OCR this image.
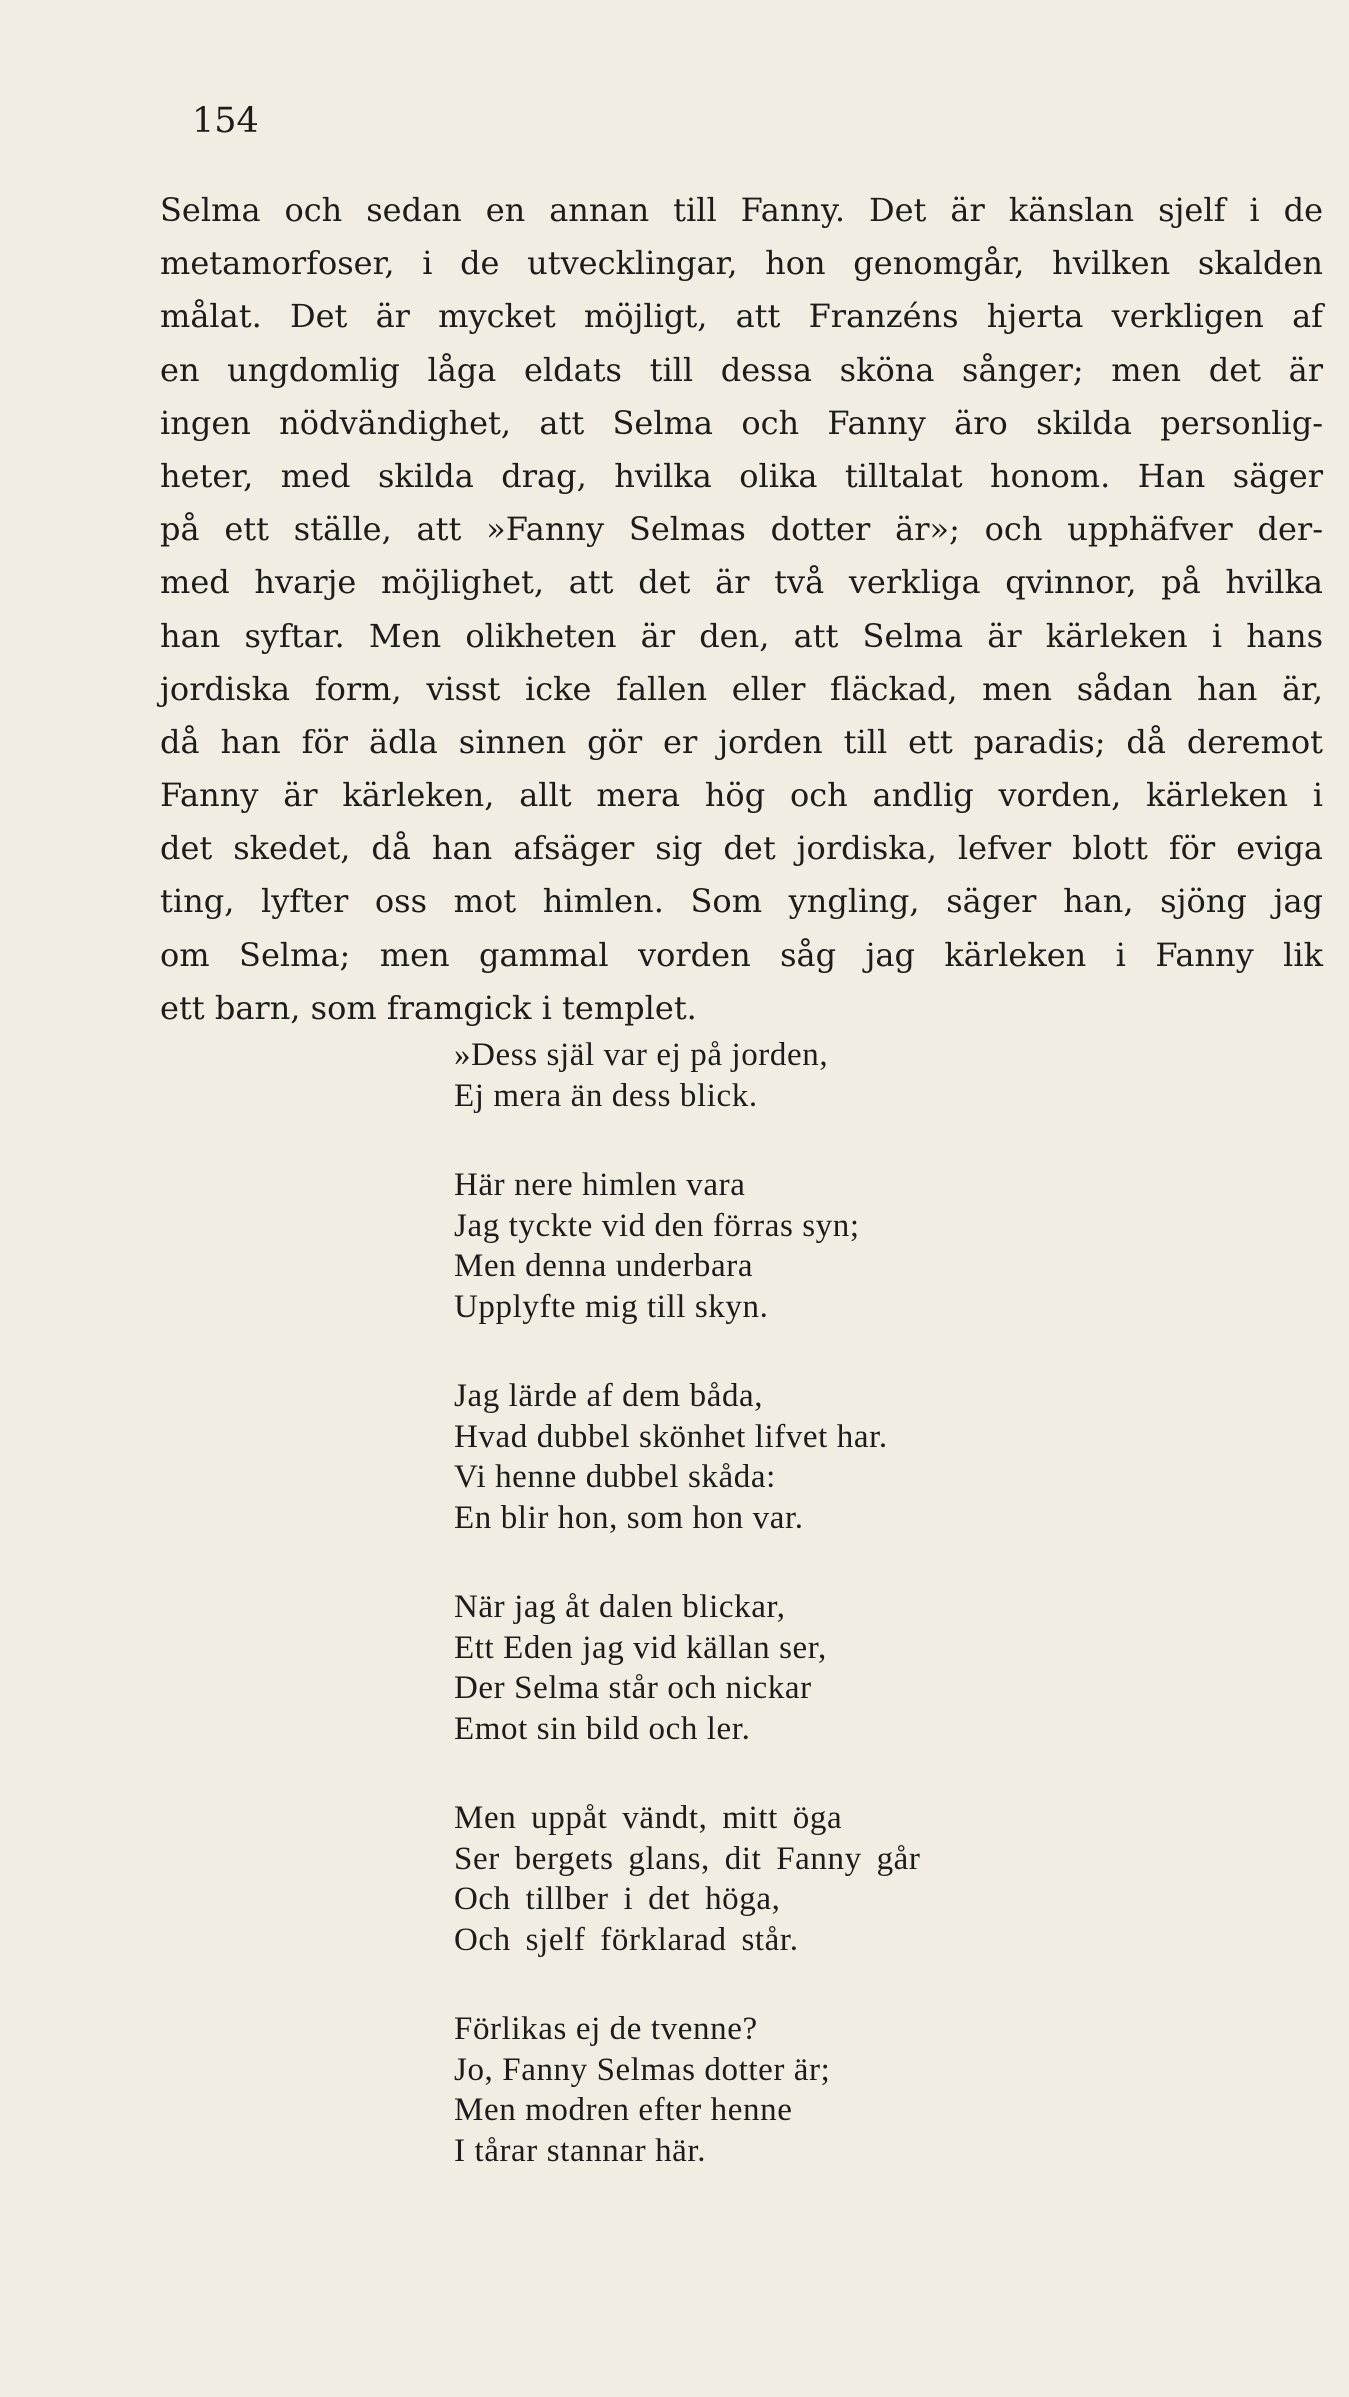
154
Selma och sedan en annan till Fanny. Det är känslan sjelf i de
metamorfoser, i de utvecklingar, hon genomgår, hvilken skalden
målat. Det är mycket möjligt, att Franzéns hjerta verkligen af
en ungdomlig låga eldats till dessa sköna sånger; men det är
ingen nödvändighet, att Selma och Fanny äro skilda personlig-
heter, med skilda drag, hvilka olika tilltalat honom. Han säger
på ett ställe, att »Fanny Selmas dotter är»; och upphäfver der-
med hvarje möjlighet, att det är två verkliga qvinnor, på hvilka
han syftar. Men olikheten är den, att Selma är kärleken i hans
jordiska form, visst icke fallen eller fläckad, men sådan han är,
då han för ädla sinnen gör er jorden till ett paradis; då deremot
Fanny är kärleken, allt mera hög och andlig vorden, kärleken i
det skedet, då han afsäger sig det jordiska, lefver blott för eviga
ting, lyfter oss mot himlen. Som yngling, säger han, sjöng jag
om Selma; men gammal vorden såg jag kärleken i Fanny lik
ett barn, som framgick i templet.
»Dess själ var ej på jorden,
Ej mera än dess blick.
Här nere himlen vara
Jag tyckte vid den förras syn;
Men denna underbara
Upplyfte mig till skyn.
Jag lärde af dem båda,
Hvad dubbel skönhet lifvet har.
Vi henne dubbel skåda:
En blir hon, som hon var.
När jag åt dalen blickar,
Ett Eden jag vid källan ser,
Der Selma står och nickar
Emot sin bild och ler.
Men uppåt vändt, mitt öga
Ser bergets glans, dit Fanny går
Och tillber i det höga,
Och sjelf förklarad står.
Förlikas ej de tvenne?
Jo, Fanny Selmas dotter är;
Men modren efter henne
I tårar stannar här.
